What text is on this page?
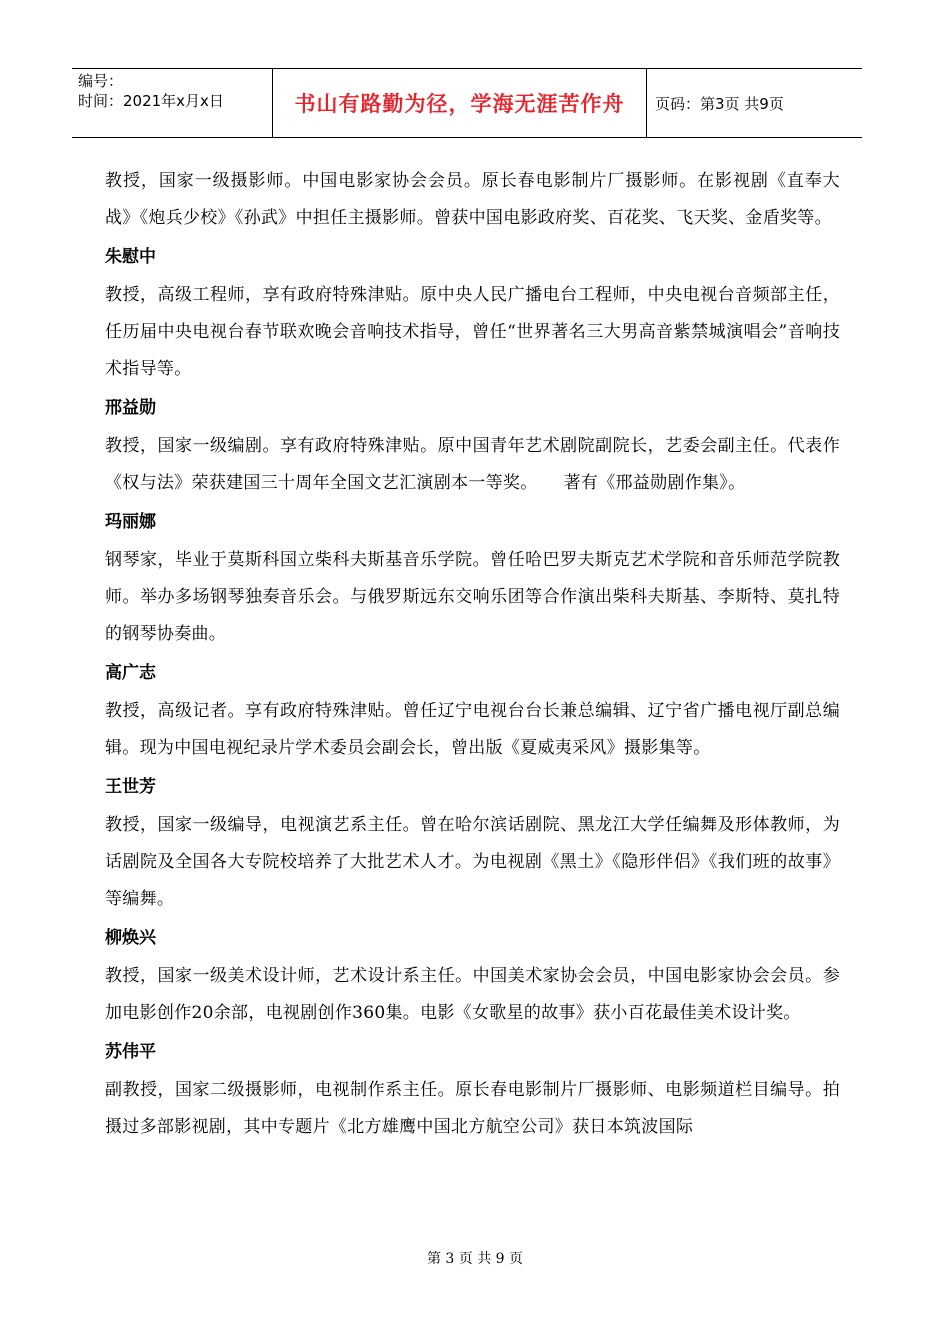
编号：
时间：2021年x月x日	书山有路勤为径，学海无涯苦作舟	页码：第3页 共9页

教授，国家一级摄影师。中国电影家协会会员。原长春电影制片厂摄影师。在影视剧《直奉大战》《炮兵少校》《孙武》中担任主摄影师。曾获中国电影政府奖、百花奖、飞天奖、金盾奖等。

朱慰中

教授，高级工程师，享有政府特殊津贴。原中央人民广播电台工程师，中央电视台音频部主任，任历届中央电视台春节联欢晚会音响技术指导，曾任“世界著名三大男高音紫禁城演唱会”音响技术指导等。

邢益勋

教授，国家一级编剧。享有政府特殊津贴。原中国青年艺术剧院副院长，艺委会副主任。代表作《权与法》荣获建国三十周年全国文艺汇演剧本一等奖。　　著有《邢益勋剧作集》。

玛丽娜

钢琴家，毕业于莫斯科国立柴科夫斯基音乐学院。曾任哈巴罗夫斯克艺术学院和音乐师范学院教师。举办多场钢琴独奏音乐会。与俄罗斯远东交响乐团等合作演出柴科夫斯基、李斯特、莫扎特的钢琴协奏曲。

高广志

教授，高级记者。享有政府特殊津贴。曾任辽宁电视台台长兼总编辑、辽宁省广播电视厅副总编辑。现为中国电视纪录片学术委员会副会长，曾出版《夏威夷采风》摄影集等。

王世芳

教授，国家一级编导，电视演艺系主任。曾在哈尔滨话剧院、黑龙江大学任编舞及形体教师，为话剧院及全国各大专院校培养了大批艺术人才。为电视剧《黑土》《隐形伴侣》《我们班的故事》等编舞。

柳焕兴

教授，国家一级美术设计师，艺术设计系主任。中国美术家协会会员，中国电影家协会会员。参加电影创作20余部，电视剧创作360集。电影《女歌星的故事》获小百花最佳美术设计奖。

苏伟平

副教授，国家二级摄影师，电视制作系主任。原长春电影制片厂摄影师、电影频道栏目编导。拍摄过多部影视剧，其中专题片《北方雄鹰中国北方航空公司》获日本筑波国际

第 3 页 共 9 页
